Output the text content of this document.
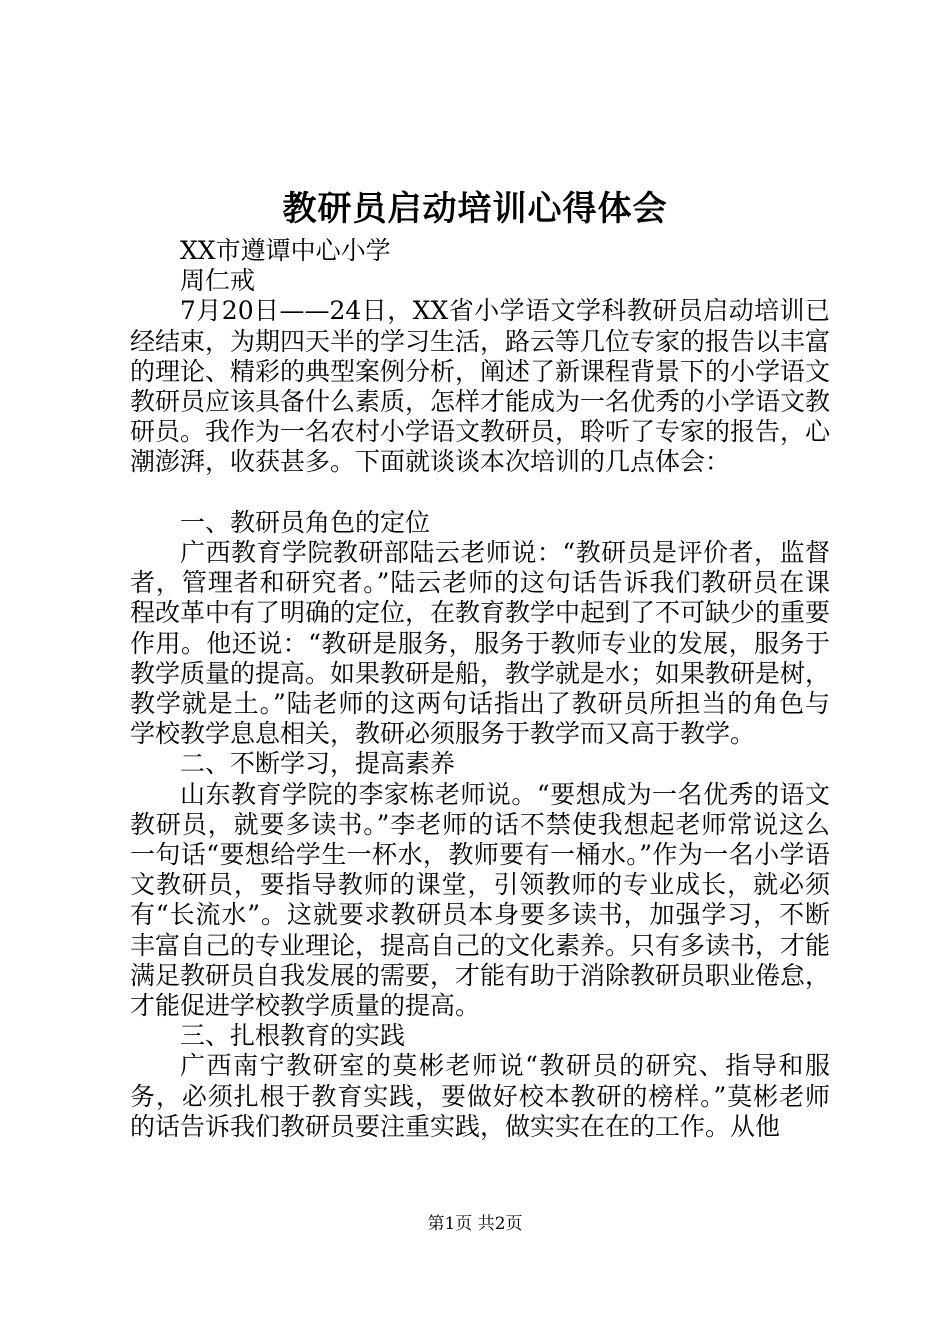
教研员启动培训心得体会

XX市遵谭中心小学

周仁戒

7月20日——24日，XX省小学语文学科教研员启动培训已经结束，为期四天半的学习生活，路云等几位专家的报告以丰富的理论、精彩的典型案例分析，阐述了新课程背景下的小学语文教研员应该具备什么素质，怎样才能成为一名优秀的小学语文教研员。我作为一名农村小学语文教研员，聆听了专家的报告，心潮澎湃，收获甚多。下面就谈谈本次培训的几点体会：

一、教研员角色的定位

广西教育学院教研部陆云老师说：“教研员是评价者，监督者，管理者和研究者。”陆云老师的这句话告诉我们教研员在课程改革中有了明确的定位，在教育教学中起到了不可缺少的重要作用。他还说：“教研是服务，服务于教师专业的发展，服务于教学质量的提高。如果教研是船，教学就是水；如果教研是树，教学就是土。”陆老师的这两句话指出了教研员所担当的角色与学校教学息息相关，教研必须服务于教学而又高于教学。

二、不断学习，提高素养

山东教育学院的李家栋老师说。“要想成为一名优秀的语文教研员，就要多读书。”李老师的话不禁使我想起老师常说这么一句话“要想给学生一杯水，教师要有一桶水。”作为一名小学语文教研员，要指导教师的课堂，引领教师的专业成长，就必须有“长流水”。这就要求教研员本身要多读书，加强学习，不断丰富自己的专业理论，提高自己的文化素养。只有多读书，才能满足教研员自我发展的需要，才能有助于消除教研员职业倦怠，才能促进学校教学质量的提高。

三、扎根教育的实践

广西南宁教研室的莫彬老师说“教研员的研究、指导和服务，必须扎根于教育实践，要做好校本教研的榜样。”莫彬老师的话告诉我们教研员要注重实践，做实实在在的工作。从他

第1页 共2页
